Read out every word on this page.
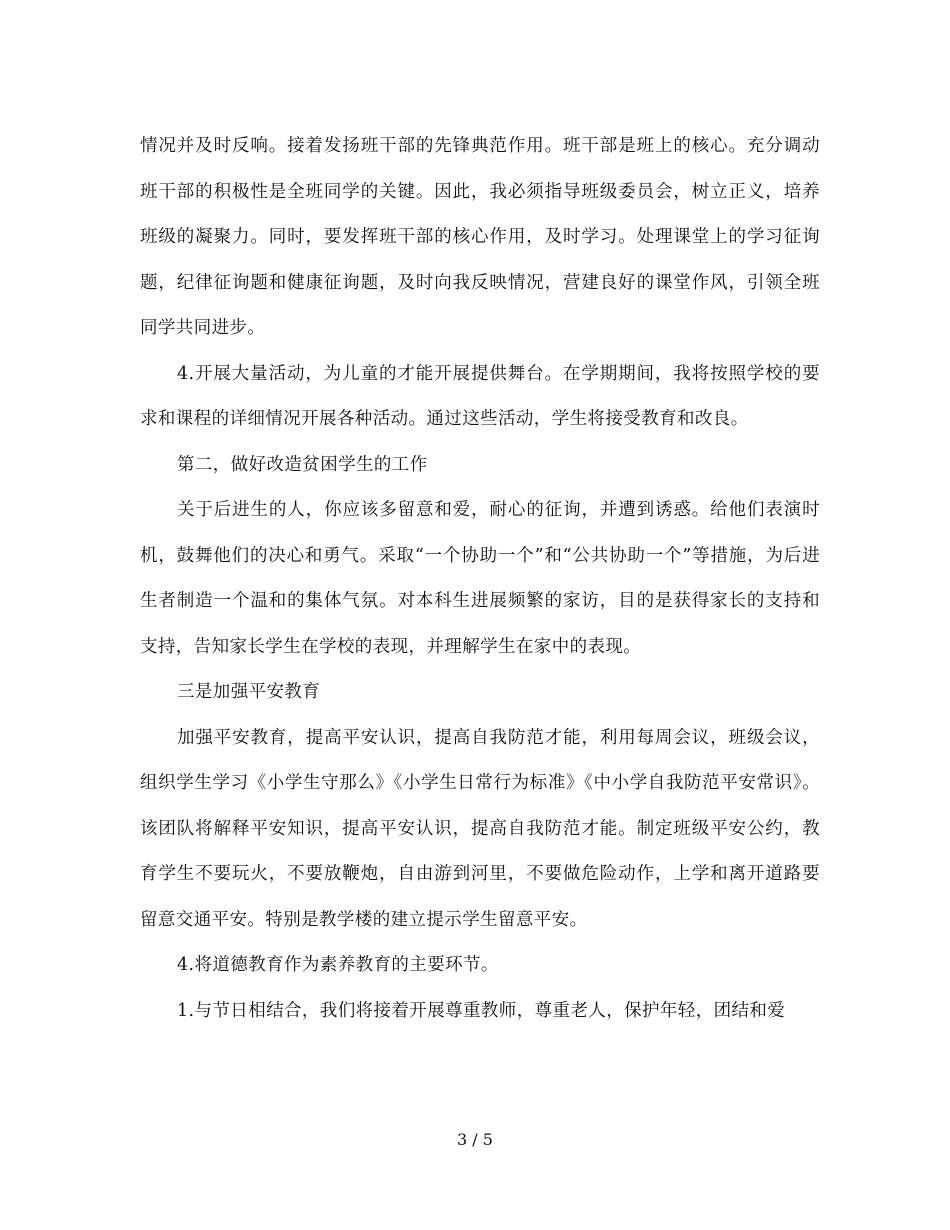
情况并及时反响。接着发扬班干部的先锋典范作用。班干部是班上的核心。充分调动班干部的积极性是全班同学的关键。因此，我必须指导班级委员会，树立正义，培养班级的凝聚力。同时，要发挥班干部的核心作用，及时学习。处理课堂上的学习征询题，纪律征询题和健康征询题，及时向我反映情况，营建良好的课堂作风，引领全班同学共同进步。

4.开展大量活动，为儿童的才能开展提供舞台。在学期期间，我将按照学校的要求和课程的详细情况开展各种活动。通过这些活动，学生将接受教育和改良。

第二，做好改造贫困学生的工作

关于后进生的人，你应该多留意和爱，耐心的征询，并遭到诱惑。给他们表演时机，鼓舞他们的决心和勇气。采取“一个协助一个”和“公共协助一个”等措施，为后进生者制造一个温和的集体气氛。对本科生进展频繁的家访，目的是获得家长的支持和支持，告知家长学生在学校的表现，并理解学生在家中的表现。

三是加强平安教育

加强平安教育，提高平安认识，提高自我防范才能，利用每周会议，班级会议，组织学生学习《小学生守那么》《小学生日常行为标准》《中小学自我防范平安常识》。该团队将解释平安知识，提高平安认识，提高自我防范才能。制定班级平安公约，教育学生不要玩火，不要放鞭炮，自由游到河里，不要做危险动作，上学和离开道路要留意交通平安。特别是教学楼的建立提示学生留意平安。

4.将道德教育作为素养教育的主要环节。

1.与节日相结合，我们将接着开展尊重教师，尊重老人，保护年轻，团结和爱

3 / 5
